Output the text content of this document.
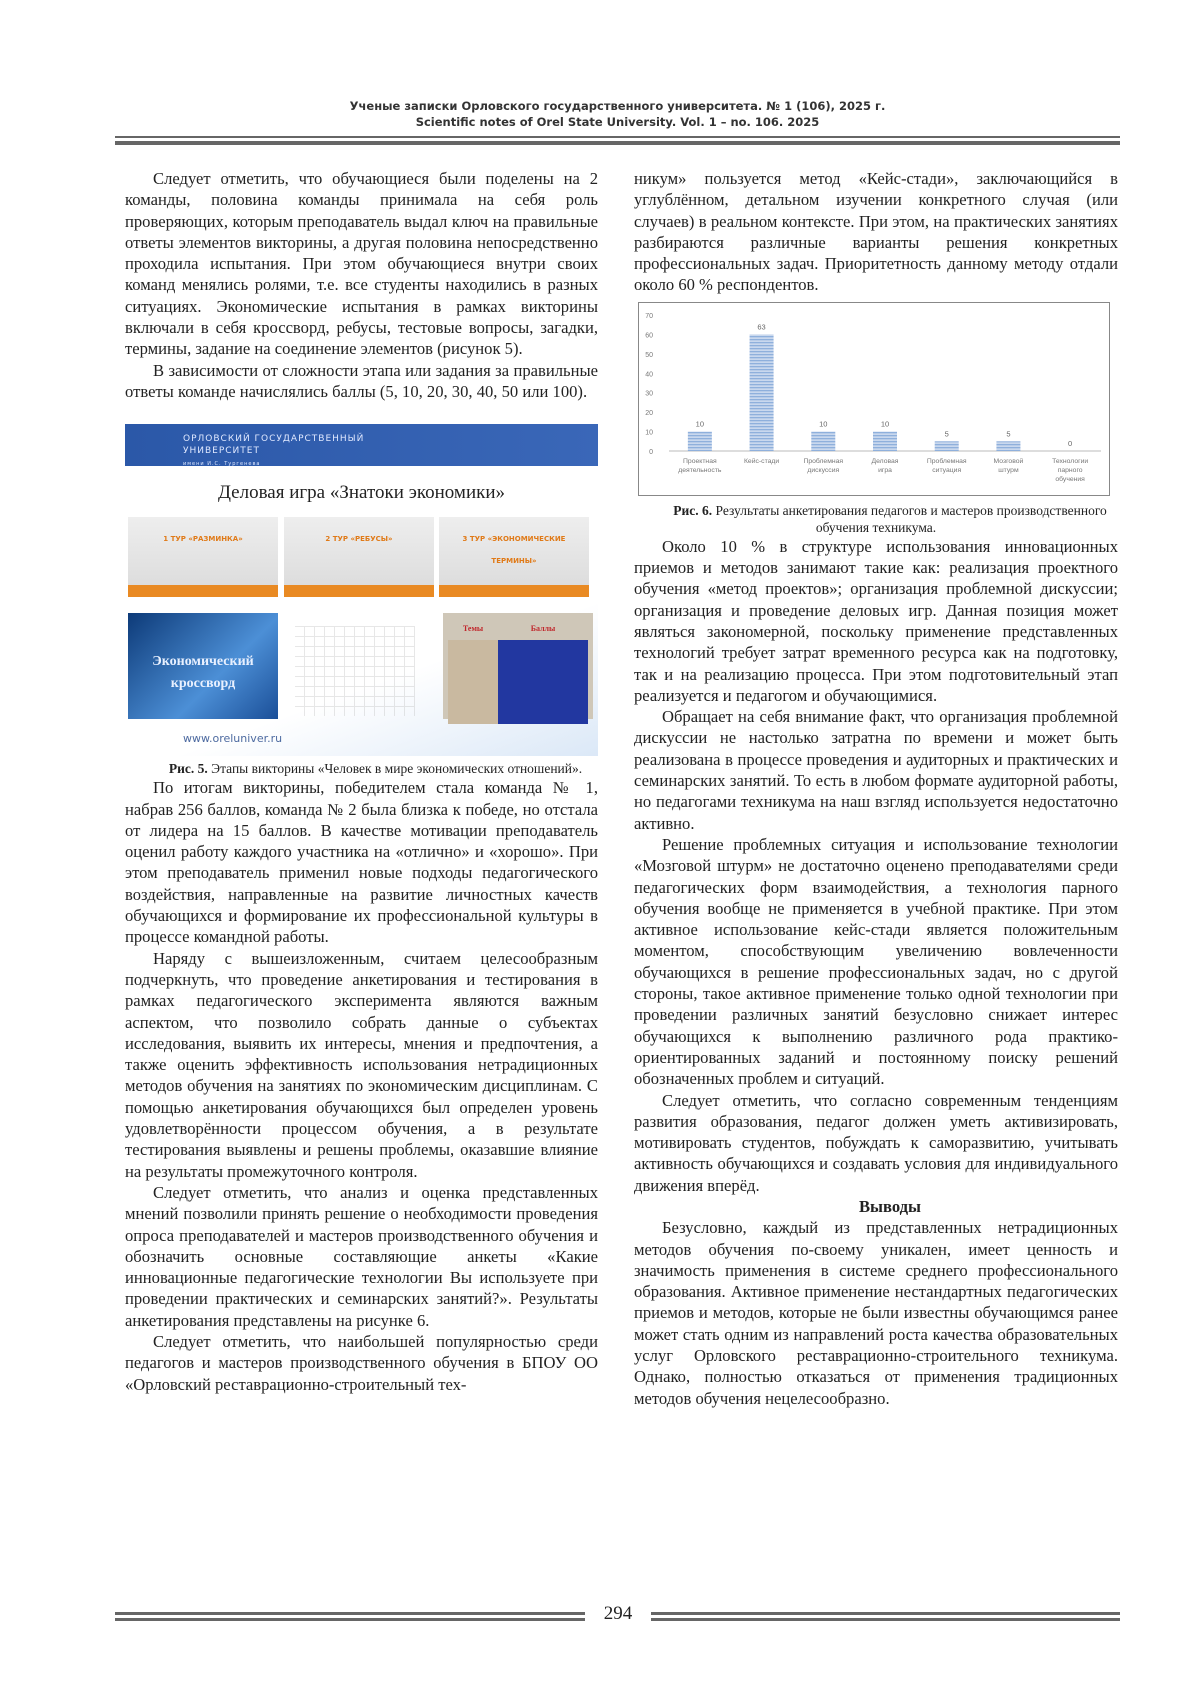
Ученые записки Орловского государственного университета. № 1 (106), 2025 г.
Scientific notes of Orel State University. Vol. 1 – no. 106. 2025

Следует отметить, что обучающиеся были поделены на 2 команды, половина команды принимала на себя роль проверяющих, которым преподаватель выдал ключ на правильные ответы элементов викторины, а другая половина непосредственно проходила испытания. При этом обучающиеся внутри своих команд менялись ролями, т.е. все студенты находились в разных ситуациях. Экономические испытания в рамках викторины включали в себя кроссворд, ребусы, тестовые вопросы, загадки, термины, задание на соединение элементов (рисунок 5).

В зависимости от сложности этапа или задания за правильные ответы команде начислялись баллы (5, 10, 20, 30, 40, 50 или 100).

ОРЛОВСКИЙ ГОСУДАРСТВЕННЫЙ
УНИВЕРСИТЕТ
имени И.С. Тургенева
Деловая игра «Знатоки экономики»
1 ТУР «РАЗМИНКА»	2 ТУР «РЕБУСЫ»	3 ТУР «ЭКОНОМИЧЕСКИЕ ТЕРМИНЫ»
Экономический кроссворд
Темы	Баллы
www.oreluniver.ru

Рис. 5. Этапы викторины «Человек в мире экономических отношений».

По итогам викторины, победителем стала команда № 1, набрав 256 баллов, команда № 2 была близка к победе, но отстала от лидера на 15 баллов. В качестве мотивации преподаватель оценил работу каждого участника на «отлично» и «хорошо». При этом преподаватель применил новые подходы педагогического воздействия, направленные на развитие личностных качеств обучающихся и формирование их профессиональной культуры в процессе командной работы.

Наряду с вышеизложенным, считаем целесообразным подчеркнуть, что проведение анкетирования и тестирования в рамках педагогического эксперимента являются важным аспектом, что позволило собрать данные о субъектах исследования, выявить их интересы, мнения и предпочтения, а также оценить эффективность использования нетрадиционных методов обучения на занятиях по экономическим дисциплинам. С помощью анкетирования обучающихся был определен уровень удовлетворённости процессом обучения, а в результате тестирования выявлены и решены проблемы, оказавшие влияние на результаты промежуточного контроля.

Следует отметить, что анализ и оценка представленных мнений позволили принять решение о необходимости проведения опроса преподавателей и мастеров производственного обучения и обозначить основные составляющие анкеты «Какие инновационные педагогические технологии Вы используете при проведении практических и семинарских занятий?». Результаты анкетирования представлены на рисунке 6.

Следует отметить, что наибольшей популярностью среди педагогов и мастеров производственного обучения в БПОУ ОО «Орловский реставрационно-строительный тех-

никум» пользуется метод «Кейс-стади», заключающийся в углублённом, детальном изучении конкретного случая (или случаев) в реальном контексте. При этом, на практических занятиях разбираются различные варианты решения конкретных профессиональных задач. Приоритетность данному методу отдали около 60 % респондентов.

0
10
20
30
40
50
60
70
10
Проектная
деятельность
63
Кейс-стади
10
Проблемная
дискуссия
10
Деловая
игра
5
Проблемная
ситуация
5
Мозговой
штурм
0
Технологии
парного
обучения

Рис. 6. Результаты анкетирования педагогов и мастеров производственного обучения техникума.

Около 10 % в структуре использования инновационных приемов и методов занимают такие как: реализация проектного обучения «метод проектов»; организация проблемной дискуссии; организация и проведение деловых игр. Данная позиция может являться закономерной, поскольку применение представленных технологий требует затрат временного ресурса как на подготовку, так и на реализацию процесса. При этом подготовительный этап реализуется и педагогом и обучающимися.

Обращает на себя внимание факт, что организация проблемной дискуссии не настолько затратна по времени и может быть реализована в процессе проведения и аудиторных и практических и семинарских занятий. То есть в любом формате аудиторной работы, но педагогами техникума на наш взгляд используется недостаточно активно.

Решение проблемных ситуация и использование технологии «Мозговой штурм» не достаточно оценено преподавателями среди педагогических форм взаимодействия, а технология парного обучения вообще не применяется в учебной практике. При этом активное использование кейс-стади является положительным моментом, способствующим увеличению вовлеченности обучающихся в решение профессиональных задач, но с другой стороны, такое активное применение только одной технологии при проведении различных занятий безусловно снижает интерес обучающихся к выполнению различного рода практико-ориентированных заданий и постоянному поиску решений обозначенных проблем и ситуаций.

Следует отметить, что согласно современным тенденциям развития образования, педагог должен уметь активизировать, мотивировать студентов, побуждать к саморазвитию, учитывать активность обучающихся и создавать условия для индивидуального движения вперёд.

Выводы

Безусловно, каждый из представленных нетрадиционных методов обучения по-своему уникален, имеет ценность и значимость применения в системе среднего профессионального образования. Активное применение нестандартных педагогических приемов и методов, которые не были известны обучающимся ранее может стать одним из направлений роста качества образовательных услуг Орловского реставрационно-строительного техникума. Однако, полностью отказаться от применения традиционных методов обучения нецелесообразно.

294
